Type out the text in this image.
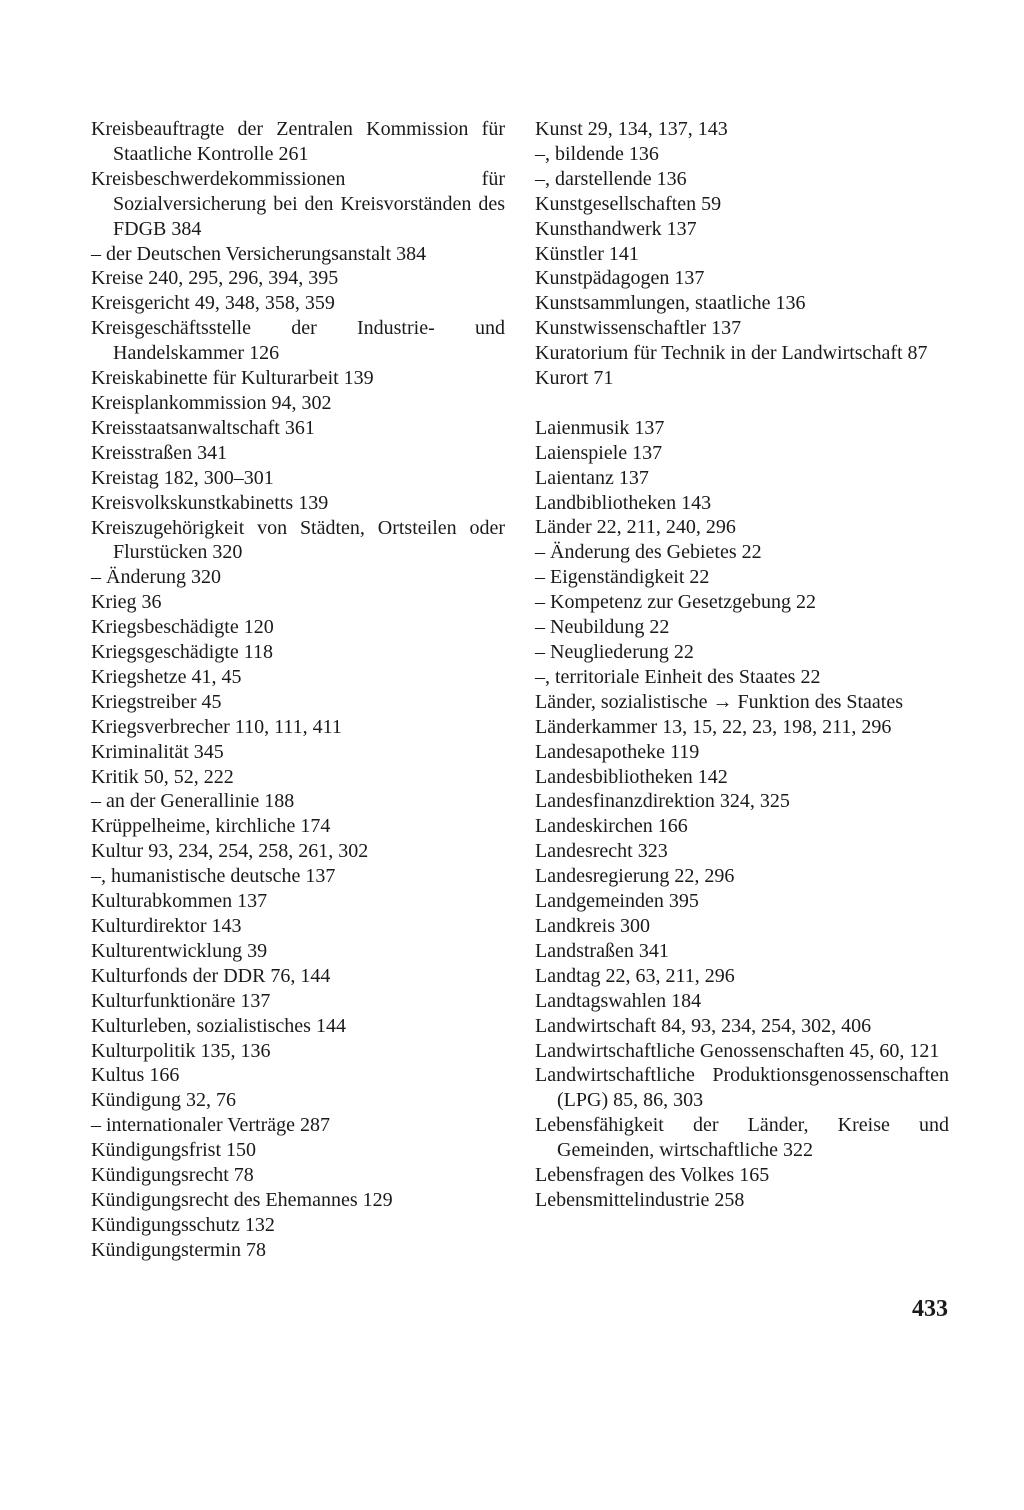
Kreisbeauftragte der Zentralen Kommission für Staatliche Kontrolle 261
Kreisbeschwerdekommissionen für Sozialversicherung bei den Kreisvorständen des FDGB 384
– der Deutschen Versicherungsanstalt 384
Kreise 240, 295, 296, 394, 395
Kreisgericht 49, 348, 358, 359
Kreisgeschäftsstelle der Industrie- und Handelskammer 126
Kreiskabinette für Kulturarbeit 139
Kreisplankommission 94, 302
Kreisstaatsanwaltschaft 361
Kreisstraßen 341
Kreistag 182, 300–301
Kreisvolkskunstkabinetts 139
Kreiszugehörigkeit von Städten, Ortsteilen oder Flurstücken 320
– Änderung 320
Krieg 36
Kriegsbeschädigte 120
Kriegsgeschädigte 118
Kriegshetze 41, 45
Kriegstreiber 45
Kriegsverbrecher 110, 111, 411
Kriminalität 345
Kritik 50, 52, 222
– an der Generallinie 188
Krüppelheime, kirchliche 174
Kultur 93, 234, 254, 258, 261, 302
–, humanistische deutsche 137
Kulturabkommen 137
Kulturdirektor 143
Kulturentwicklung 39
Kulturfonds der DDR 76, 144
Kulturfunktionäre 137
Kulturleben, sozialistisches 144
Kulturpolitik 135, 136
Kultus 166
Kündigung 32, 76
– internationaler Verträge 287
Kündigungsfrist 150
Kündigungsrecht 78
Kündigungsrecht des Ehemannes 129
Kündigungsschutz 132
Kündigungstermin 78
Kunst 29, 134, 137, 143
–, bildende 136
–, darstellende 136
Kunstgesellschaften 59
Kunsthandwerk 137
Künstler 141
Kunstpädagogen 137
Kunstsammlungen, staatliche 136
Kunstwissenschaftler 137
Kuratorium für Technik in der Landwirtschaft 87
Kurort 71
Laienmusik 137
Laienspiele 137
Laientanz 137
Landbibliotheken 143
Länder 22, 211, 240, 296
– Änderung des Gebietes 22
– Eigenständigkeit 22
– Kompetenz zur Gesetzgebung 22
– Neubildung 22
– Neugliederung 22
–, territoriale Einheit des Staates 22
Länder, sozialistische → Funktion des Staates
Länderkammer 13, 15, 22, 23, 198, 211, 296
Landesapotheke 119
Landesbibliotheken 142
Landesfinanzdirektion 324, 325
Landeskirchen 166
Landesrecht 323
Landesregierung 22, 296
Landgemeinden 395
Landkreis 300
Landstraßen 341
Landtag 22, 63, 211, 296
Landtagswahlen 184
Landwirtschaft 84, 93, 234, 254, 302, 406
Landwirtschaftliche Genossenschaften 45, 60, 121
Landwirtschaftliche Produktionsgenossenschaften (LPG) 85, 86, 303
Lebensfähigkeit der Länder, Kreise und Gemeinden, wirtschaftliche 322
Lebensfragen des Volkes 165
Lebensmittelindustrie 258
433
